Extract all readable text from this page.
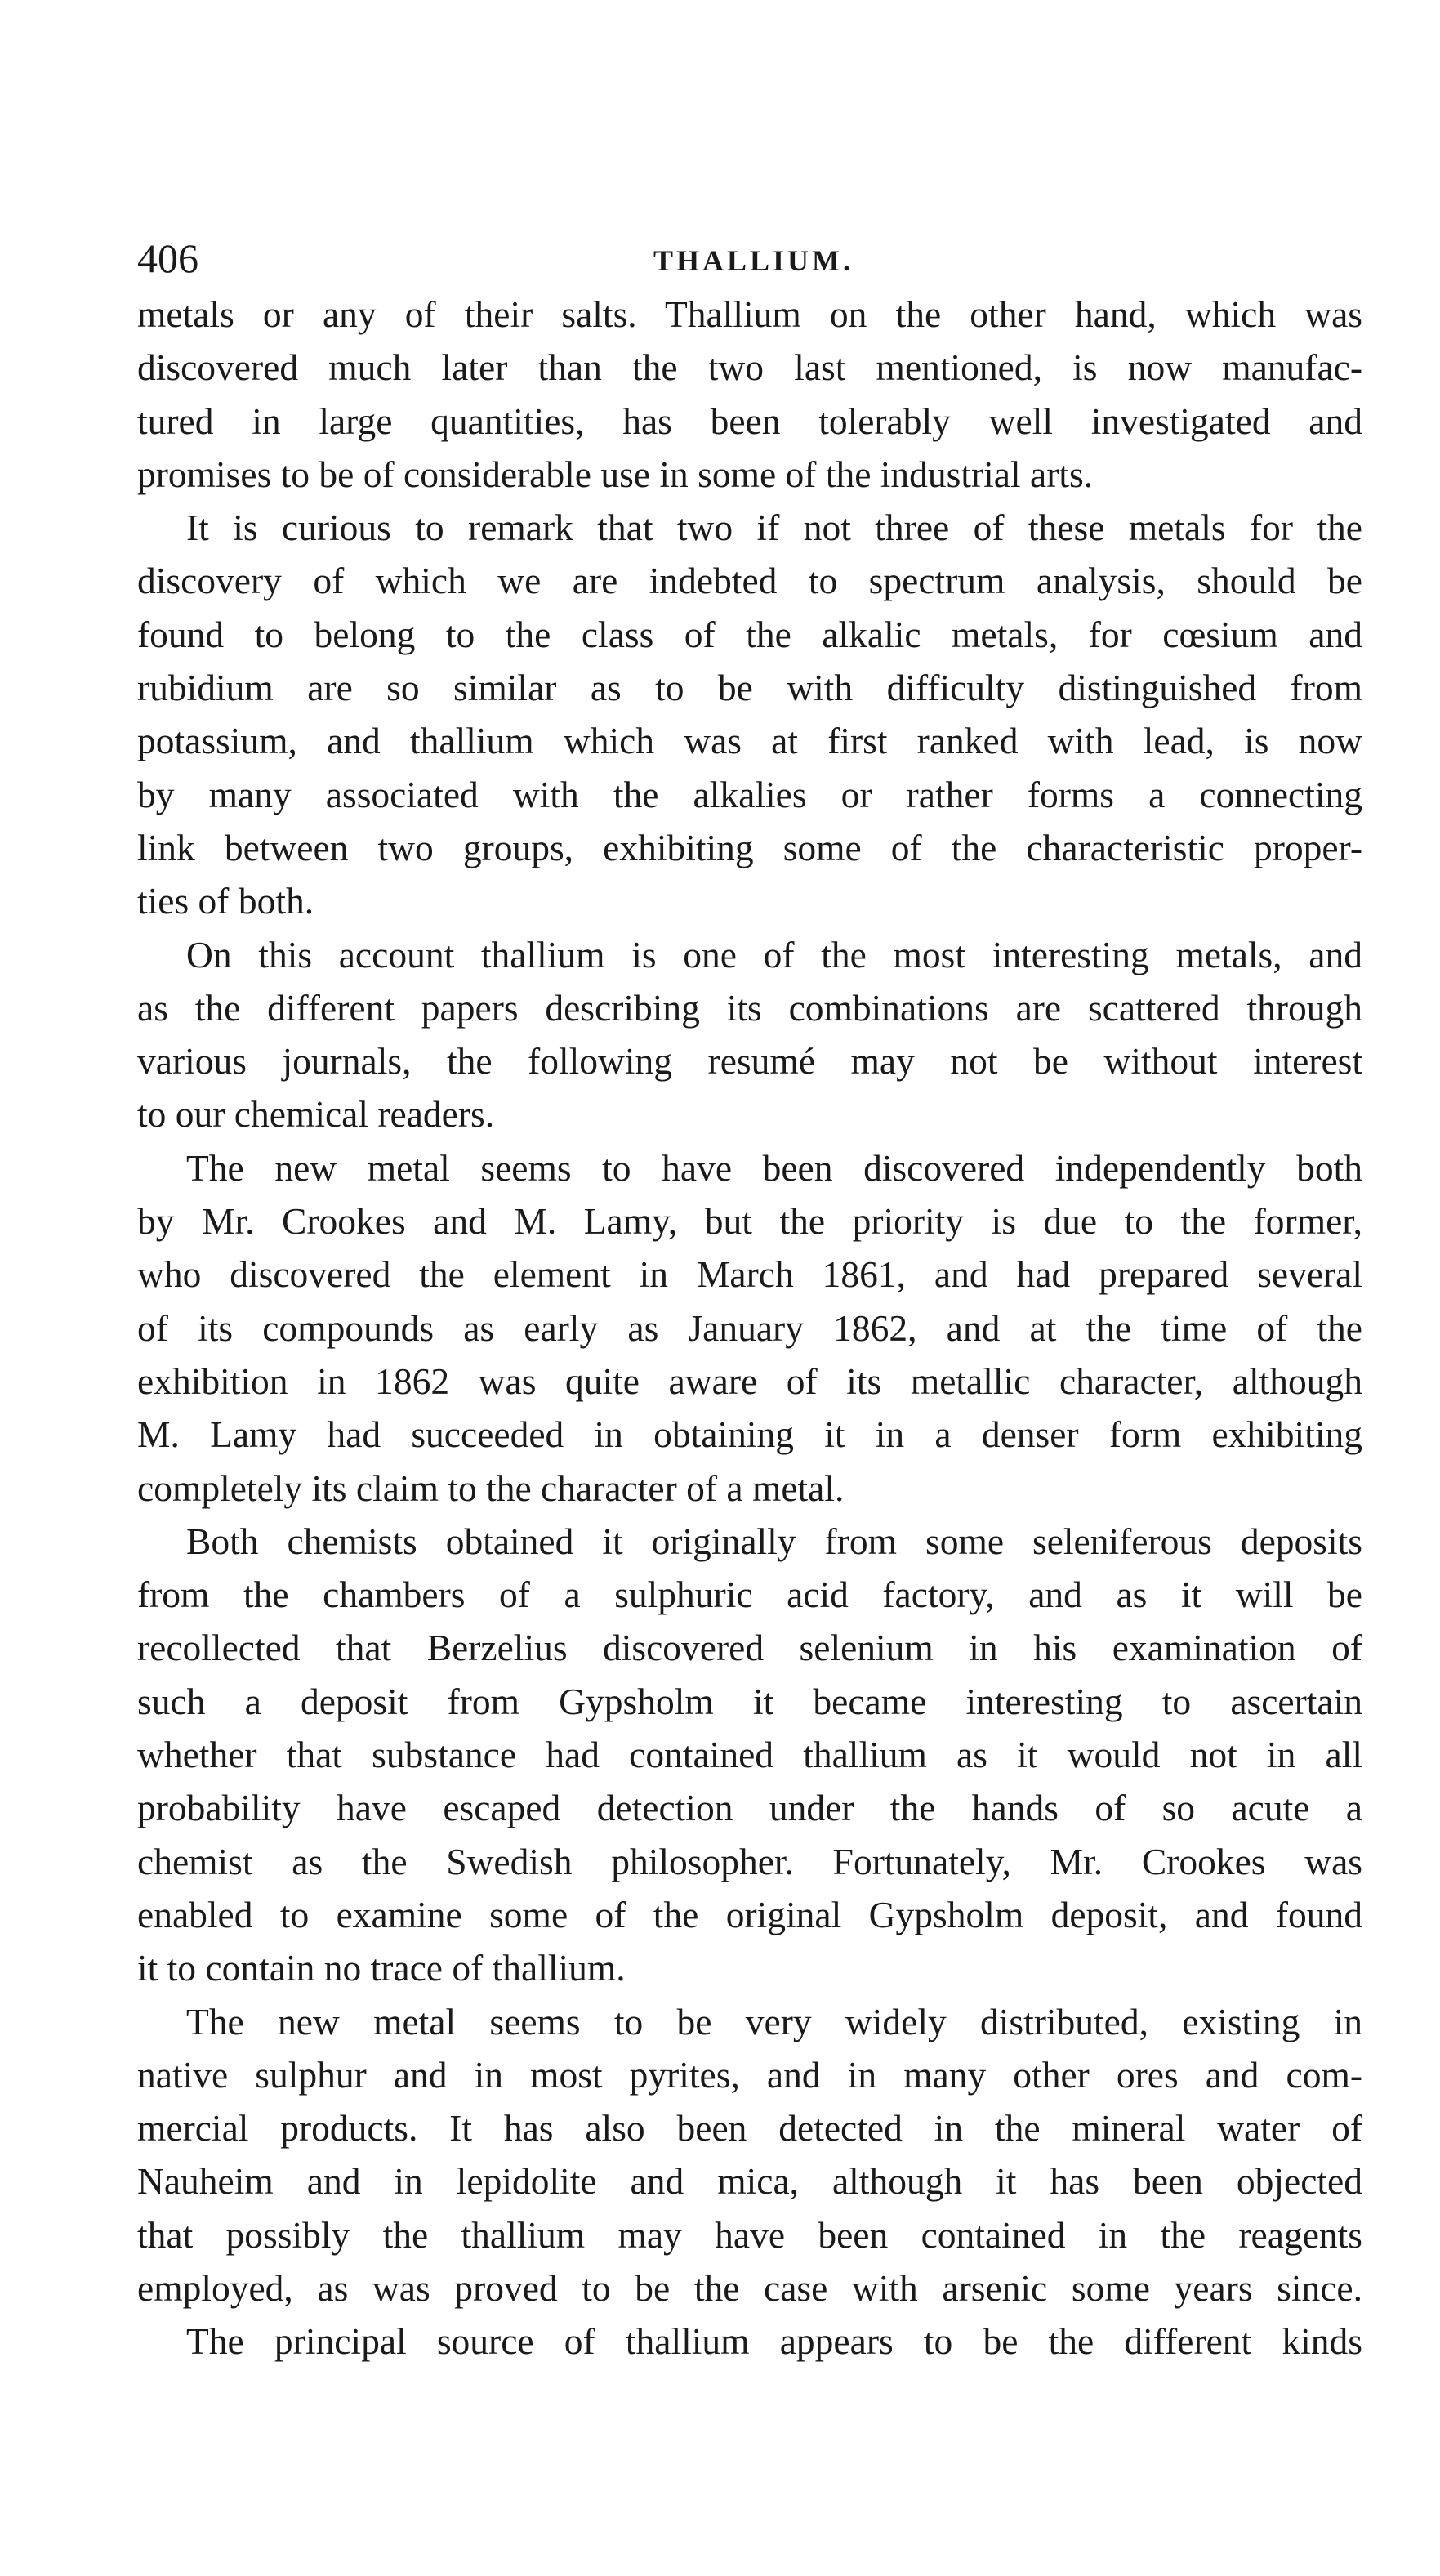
406	THALLIUM.
metals or any of their salts. Thallium on the other hand, which was
discovered much later than the two last mentioned, is now manufac-
tured in large quantities, has been tolerably well investigated and
promises to be of considerable use in some of the industrial arts.
It is curious to remark that two if not three of these metals for the
discovery of which we are indebted to spectrum analysis, should be
found to belong to the class of the alkalic metals, for cœsium and
rubidium are so similar as to be with difficulty distinguished from
potassium, and thallium which was at first ranked with lead, is now
by many associated with the alkalies or rather forms a connecting
link between two groups, exhibiting some of the characteristic proper-
ties of both.
On this account thallium is one of the most interesting metals, and
as the different papers describing its combinations are scattered through
various journals, the following resumé may not be without interest
to our chemical readers.
The new metal seems to have been discovered independently both
by Mr. Crookes and M. Lamy, but the priority is due to the former,
who discovered the element in March 1861, and had prepared several
of its compounds as early as January 1862, and at the time of the
exhibition in 1862 was quite aware of its metallic character, although
M. Lamy had succeeded in obtaining it in a denser form exhibiting
completely its claim to the character of a metal.
Both chemists obtained it originally from some seleniferous deposits
from the chambers of a sulphuric acid factory, and as it will be
recollected that Berzelius discovered selenium in his examination of
such a deposit from Gypsholm it became interesting to ascertain
whether that substance had contained thallium as it would not in all
probability have escaped detection under the hands of so acute a
chemist as the Swedish philosopher. Fortunately, Mr. Crookes was
enabled to examine some of the original Gypsholm deposit, and found
it to contain no trace of thallium.
The new metal seems to be very widely distributed, existing in
native sulphur and in most pyrites, and in many other ores and com-
mercial products. It has also been detected in the mineral water of
Nauheim and in lepidolite and mica, although it has been objected
that possibly the thallium may have been contained in the reagents
employed, as was proved to be the case with arsenic some years since.
The principal source of thallium appears to be the different kinds
